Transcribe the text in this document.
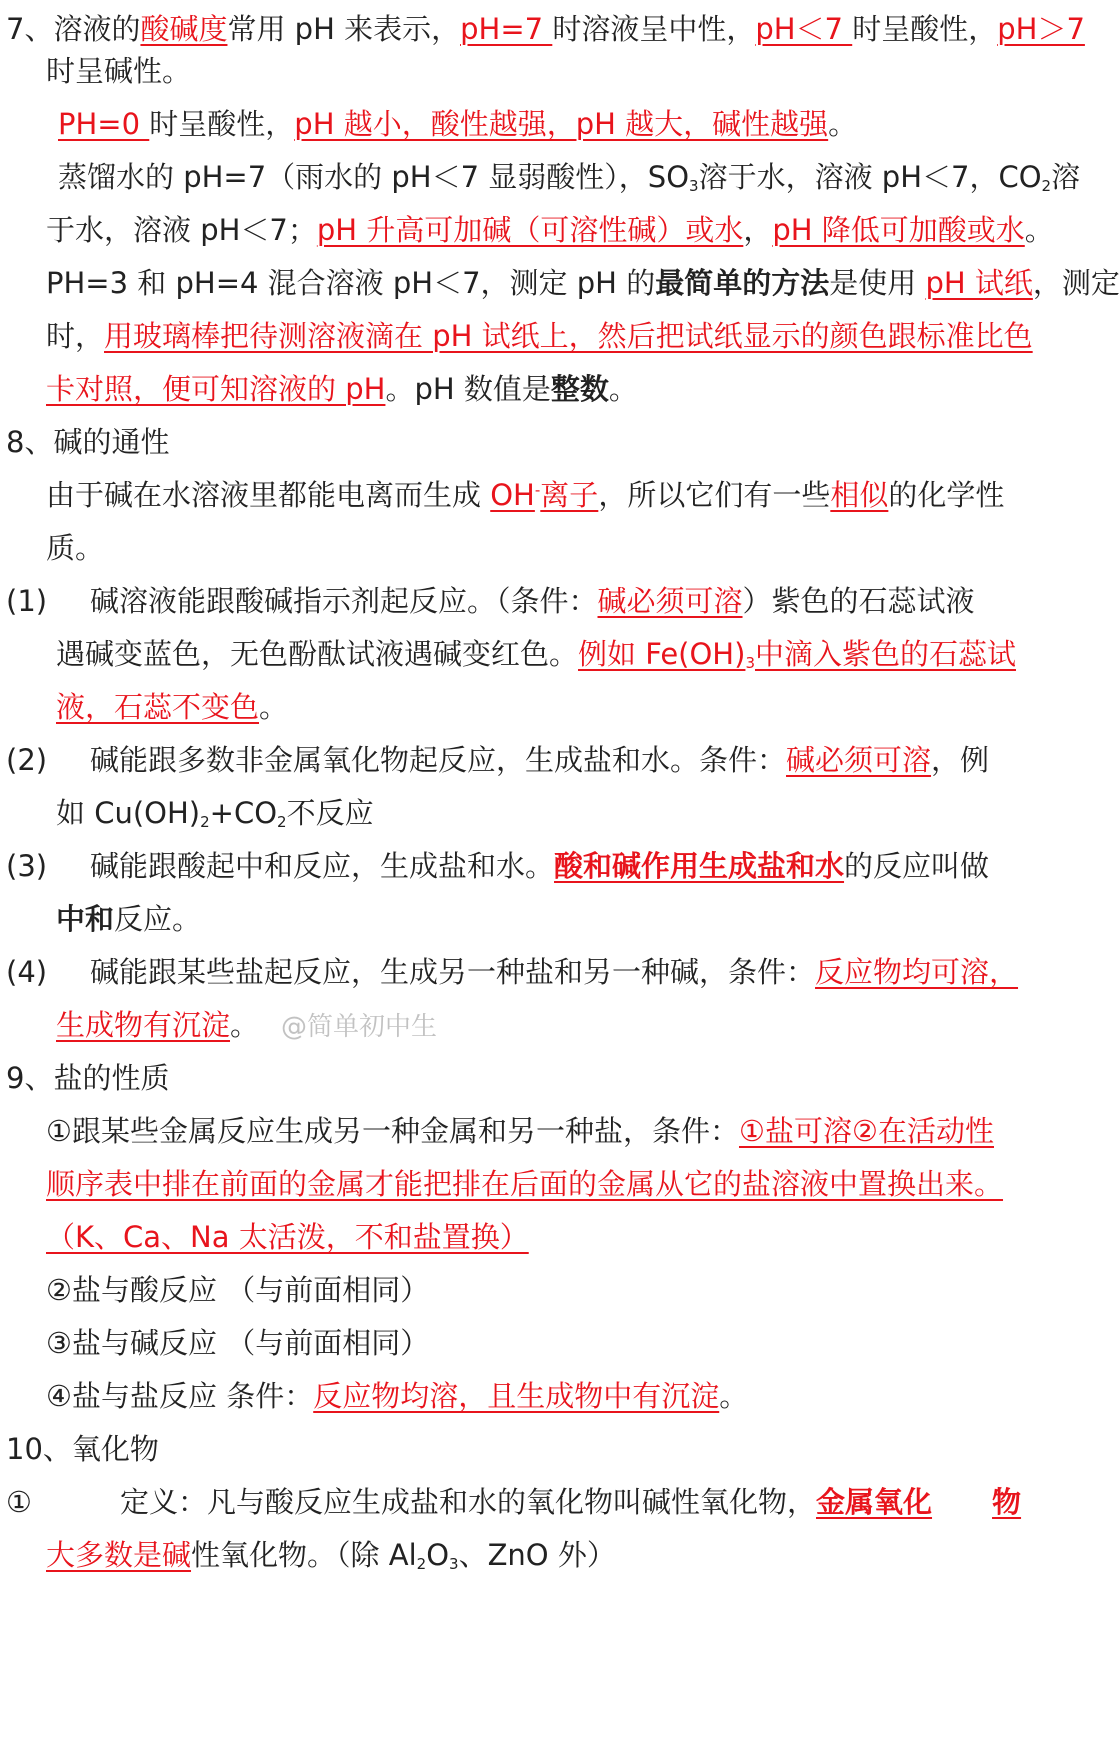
7、溶液的酸碱度常用 pH 来表示，pH=7 时溶液呈中性，pH＜7 时呈酸性，pH＞7
时呈碱性。
PH=0 时呈酸性，pH 越小，酸性越强，pH 越大，碱性越强。
蒸馏水的 pH=7（雨水的 pH＜7 显弱酸性），$SO_3$溶于水，溶液 pH＜7，$CO_2$溶
于水，溶液 pH＜7；pH 升高可加碱（可溶性碱）或水，pH 降低可加酸或水。
PH=3 和 pH=4 混合溶液 pH＜7，测定 pH 的最简单的方法是使用 pH 试纸，测定
时，用玻璃棒把待测溶液滴在 pH 试纸上，然后把试纸显示的颜色跟标准比色
卡对照，便可知溶液的 pH。pH 数值是整数。
8、碱的通性
由于碱在水溶液里都能电离而生成 OH-离子，所以它们有一些相似的化学性
质。
(1)	碱溶液能跟酸碱指示剂起反应。（条件：碱必须可溶）紫色的石蕊试液
遇碱变蓝色，无色酚酞试液遇碱变红色。例如 $Fe(OH)_3$中滴入紫色的石蕊试
液，石蕊不变色。
(2)	碱能跟多数非金属氧化物起反应，生成盐和水。条件：碱必须可溶，例
如 $Cu(OH)_2+CO_2$不反应
(3)	碱能跟酸起中和反应，生成盐和水。酸和碱作用生成盐和水的反应叫做
中和反应。
(4)	碱能跟某些盐起反应，生成另一种盐和另一种碱，条件：反应物均可溶，
生成物有沉淀。 @简单初中生
9、盐的性质
①跟某些金属反应生成另一种金属和另一种盐，条件：①盐可溶②在活动性
顺序表中排在前面的金属才能把排在后面的金属从它的盐溶液中置换出来。
（K、Ca、Na 太活泼，不和盐置换）
②盐与酸反应 （与前面相同）
③盐与碱反应 （与前面相同）
④盐与盐反应 条件：反应物均溶，且生成物中有沉淀。
10、氧化物
①	定义：凡与酸反应生成盐和水的氧化物叫碱性氧化物，金属氧化 物
大多数是碱性氧化物。（除 $Al_2O_3$、ZnO 外）
